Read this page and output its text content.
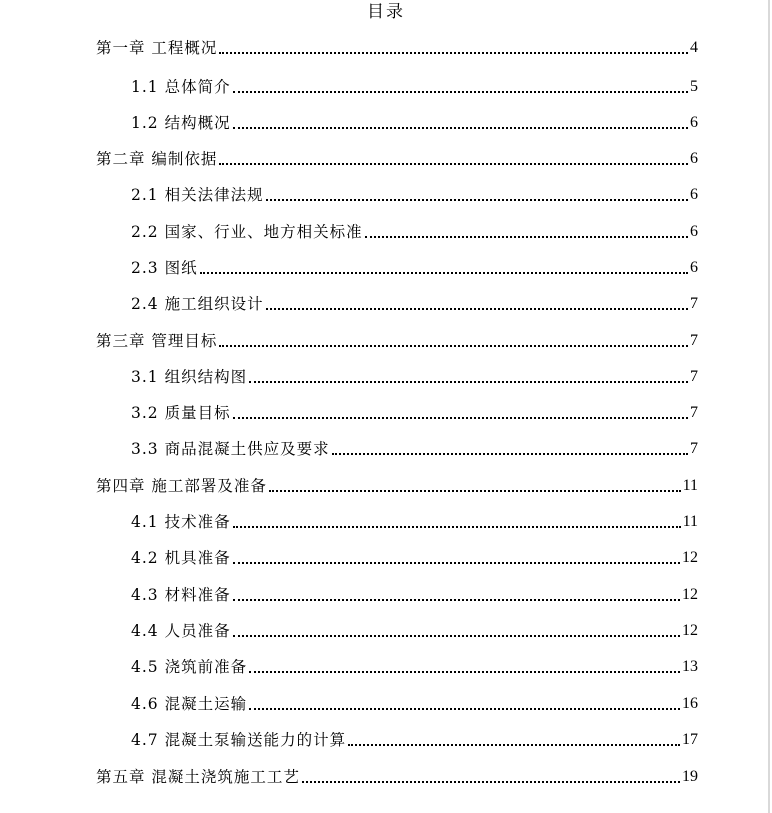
目录
第一章 工程概况	4
1.1 总体简介	5
1.2 结构概况	6
第二章 编制依据	6
2.1 相关法律法规	6
2.2 国家、行业、地方相关标准	6
2.3 图纸	6
2.4 施工组织设计	7
第三章 管理目标	7
3.1 组织结构图	7
3.2 质量目标	7
3.3 商品混凝土供应及要求	7
第四章 施工部署及准备	11
4.1 技术准备	11
4.2 机具准备	12
4.3 材料准备	12
4.4 人员准备	12
4.5 浇筑前准备	13
4.6 混凝土运输	16
4.7 混凝土泵输送能力的计算	17
第五章 混凝土浇筑施工工艺	19
